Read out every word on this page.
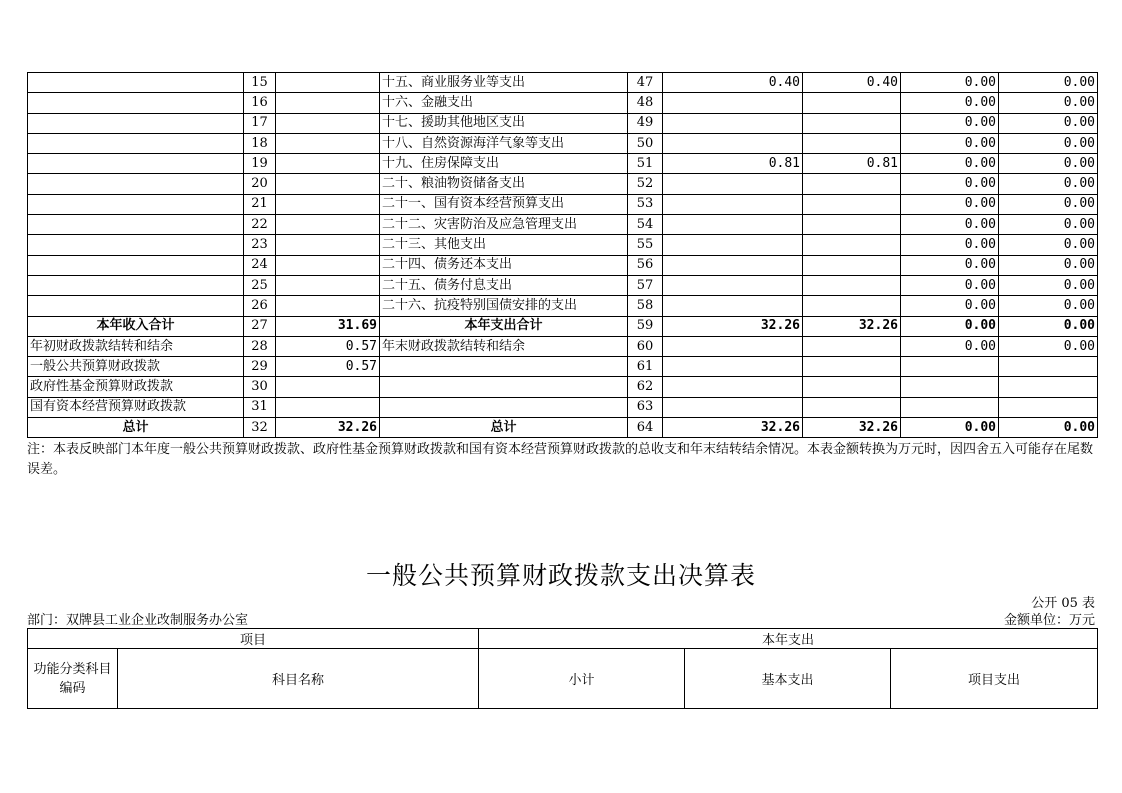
	15		十五、商业服务业等支出	47	0.40	0.40	0.00	0.00
	16		十六、金融支出	48			0.00	0.00
	17		十七、援助其他地区支出	49			0.00	0.00
	18		十八、自然资源海洋气象等支出	50			0.00	0.00
	19		十九、住房保障支出	51	0.81	0.81	0.00	0.00
	20		二十、粮油物资储备支出	52			0.00	0.00
	21		二十一、国有资本经营预算支出	53			0.00	0.00
	22		二十二、灾害防治及应急管理支出	54			0.00	0.00
	23		二十三、其他支出	55			0.00	0.00
	24		二十四、债务还本支出	56			0.00	0.00
	25		二十五、债务付息支出	57			0.00	0.00
	26		二十六、抗疫特别国债安排的支出	58			0.00	0.00
本年收入合计	27	31.69	本年支出合计	59	32.26	32.26	0.00	0.00
年初财政拨款结转和结余	28	0.57	年末财政拨款结转和结余	60			0.00	0.00
一般公共预算财政拨款	29	0.57		61				
政府性基金预算财政拨款	30			62				
国有资本经营预算财政拨款	31			63				
总计	32	32.26	总计	64	32.26	32.26	0.00	0.00
注：本表反映部门本年度一般公共预算财政拨款、政府性基金预算财政拨款和国有资本经营预算财政拨款的总收支和年末结转结余情况。本表金额转换为万元时，因四舍五入可能存在尾数误差。
一般公共预算财政拨款支出决算表
公开 05 表
部门：双牌县工业企业改制服务办公室	金额单位：万元
项目		本年支出		
功能分类科目编码	科目名称	小计	基本支出	项目支出
